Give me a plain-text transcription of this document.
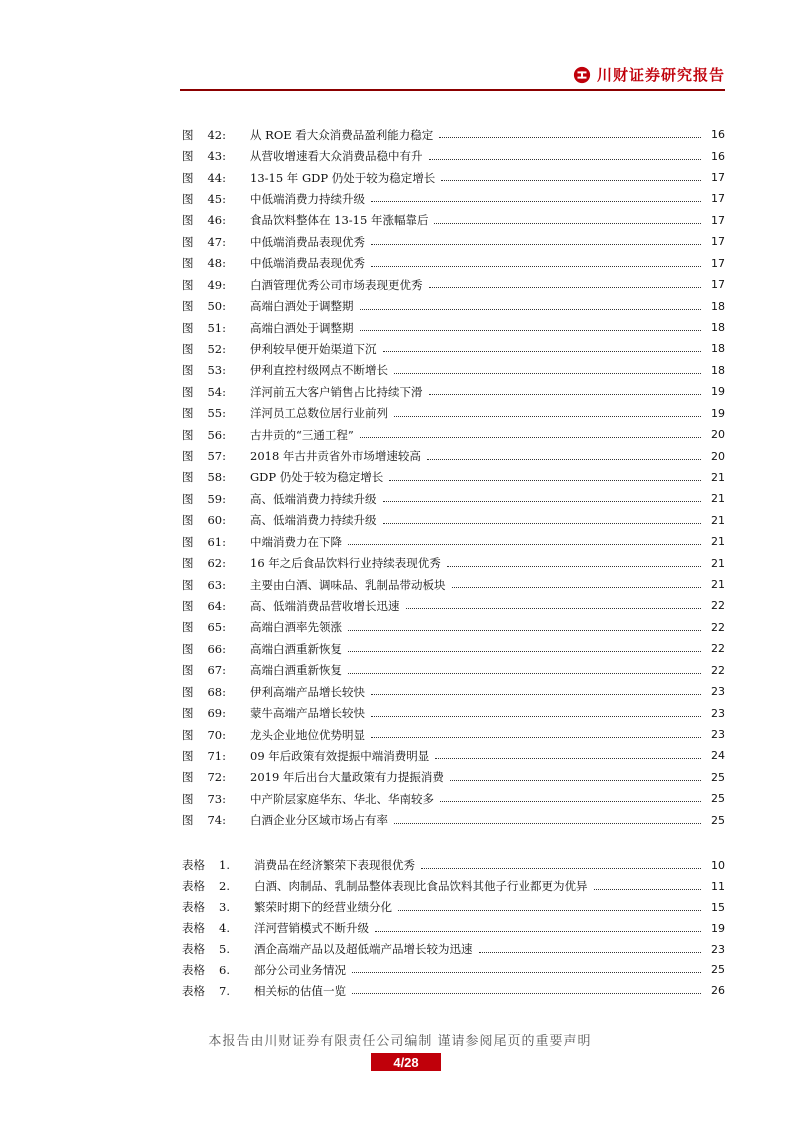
川财证券研究报告
图	42:	从 ROE 看大众消费品盈利能力稳定	16
图	43:	从营收增速看大众消费品稳中有升	16
图	44:	13-15 年 GDP 仍处于较为稳定增长	17
图	45:	中低端消费力持续升级	17
图	46:	食品饮料整体在 13-15 年涨幅靠后	17
图	47:	中低端消费品表现优秀	17
图	48:	中低端消费品表现优秀	17
图	49:	白酒管理优秀公司市场表现更优秀	17
图	50:	高端白酒处于调整期	18
图	51:	高端白酒处于调整期	18
图	52:	伊利较早便开始渠道下沉	18
图	53:	伊利直控村级网点不断增长	18
图	54:	洋河前五大客户销售占比持续下滑	19
图	55:	洋河员工总数位居行业前列	19
图	56:	古井贡的“三通工程”	20
图	57:	2018 年古井贡省外市场增速较高	20
图	58:	GDP 仍处于较为稳定增长	21
图	59:	高、低端消费力持续升级	21
图	60:	高、低端消费力持续升级	21
图	61:	中端消费力在下降	21
图	62:	16 年之后食品饮料行业持续表现优秀	21
图	63:	主要由白酒、调味品、乳制品带动板块	21
图	64:	高、低端消费品营收增长迅速	22
图	65:	高端白酒率先领涨	22
图	66:	高端白酒重新恢复	22
图	67:	高端白酒重新恢复	22
图	68:	伊利高端产品增长较快	23
图	69:	蒙牛高端产品增长较快	23
图	70:	龙头企业地位优势明显	23
图	71:	09 年后政策有效提振中端消费明显	24
图	72:	2019 年后出台大量政策有力提振消费	25
图	73:	中产阶层家庭华东、华北、华南较多	25
图	74:	白酒企业分区域市场占有率	25
表格	1.	消费品在经济繁荣下表现很优秀	10
表格	2.	白酒、肉制品、乳制品整体表现比食品饮料其他子行业都更为优异	11
表格	3.	繁荣时期下的经营业绩分化	15
表格	4.	洋河营销模式不断升级	19
表格	5.	酒企高端产品以及超低端产品增长较为迅速	23
表格	6.	部分公司业务情况	25
表格	7.	相关标的估值一览	26
本报告由川财证券有限责任公司编制 谨请参阅尾页的重要声明
4/28
